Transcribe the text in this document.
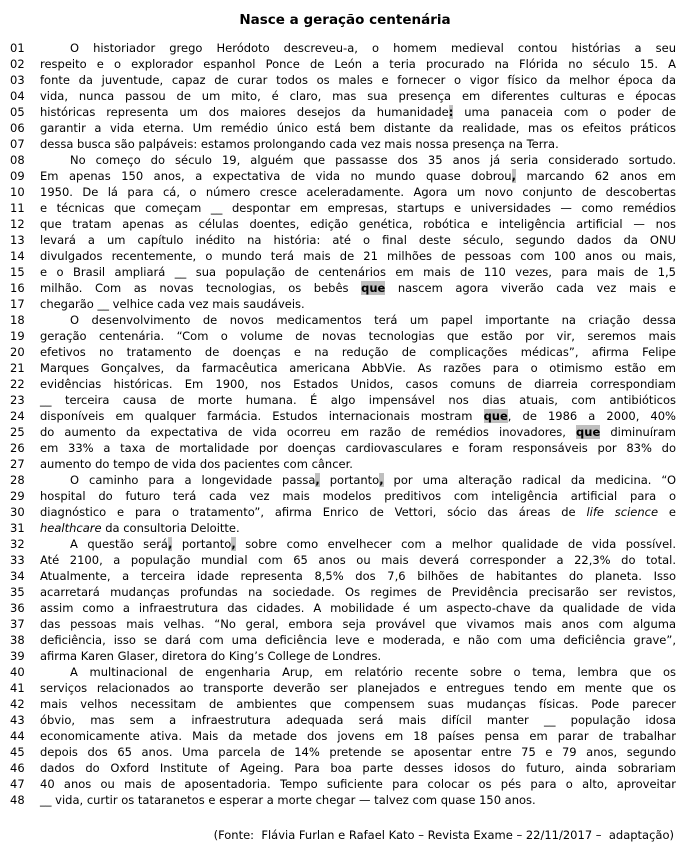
Nasce a geração centenária
01	O historiador grego Heródoto descreveu-a, o homem medieval contou histórias a seu
02	respeito e o explorador espanhol Ponce de León a teria procurado na Flórida no século 15. A
03	fonte da juventude, capaz de curar todos os males e fornecer o vigor físico da melhor época da
04	vida, nunca passou de um mito, é claro, mas sua presença em diferentes culturas e épocas
05	históricas representa um dos maiores desejos da humanidade: uma panaceia com o poder de
06	garantir a vida eterna. Um remédio único está bem distante da realidade, mas os efeitos práticos
07	dessa busca são palpáveis: estamos prolongando cada vez mais nossa presença na Terra.
08	No começo do século 19, alguém que passasse dos 35 anos já seria considerado sortudo.
09	Em apenas 150 anos, a expectativa de vida no mundo quase dobrou, marcando 62 anos em
10	1950. De lá para cá, o número cresce aceleradamente. Agora um novo conjunto de descobertas
11	e técnicas que começam __ despontar em empresas, startups e universidades — como remédios
12	que tratam apenas as células doentes, edição genética, robótica e inteligência artificial — nos
13	levará a um capítulo inédito na história: até o final deste século, segundo dados da ONU
14	divulgados recentemente, o mundo terá mais de 21 milhões de pessoas com 100 anos ou mais,
15	e o Brasil ampliará __ sua população de centenários em mais de 110 vezes, para mais de 1,5
16	milhão. Com as novas tecnologias, os bebês que nascem agora viverão cada vez mais e
17	chegarão __ velhice cada vez mais saudáveis.
18	O desenvolvimento de novos medicamentos terá um papel importante na criação dessa
19	geração centenária. “Com o volume de novas tecnologias que estão por vir, seremos mais
20	efetivos no tratamento de doenças e na redução de complicações médicas”, afirma Felipe
21	Marques Gonçalves, da farmacêutica americana AbbVie. As razões para o otimismo estão em
22	evidências históricas. Em 1900, nos Estados Unidos, casos comuns de diarreia correspondiam
23	__ terceira causa de morte humana. É algo impensável nos dias atuais, com antibióticos
24	disponíveis em qualquer farmácia. Estudos internacionais mostram que, de 1986 a 2000, 40%
25	do aumento da expectativa de vida ocorreu em razão de remédios inovadores, que diminuíram
26	em 33% a taxa de mortalidade por doenças cardiovasculares e foram responsáveis por 83% do
27	aumento do tempo de vida dos pacientes com câncer.
28	O caminho para a longevidade passa, portanto, por uma alteração radical da medicina. “O
29	hospital do futuro terá cada vez mais modelos preditivos com inteligência artificial para o
30	diagnóstico e para o tratamento”, afirma Enrico de Vettori, sócio das áreas de life science e
31	healthcare da consultoria Deloitte.
32	A questão será, portanto, sobre como envelhecer com a melhor qualidade de vida possível.
33	Até 2100, a população mundial com 65 anos ou mais deverá corresponder a 22,3% do total.
34	Atualmente, a terceira idade representa 8,5% dos 7,6 bilhões de habitantes do planeta. Isso
35	acarretará mudanças profundas na sociedade. Os regimes de Previdência precisarão ser revistos,
36	assim como a infraestrutura das cidades. A mobilidade é um aspecto-chave da qualidade de vida
37	das pessoas mais velhas. “No geral, embora seja provável que vivamos mais anos com alguma
38	deficiência, isso se dará com uma deficiência leve e moderada, e não com uma deficiência grave”,
39	afirma Karen Glaser, diretora do King’s College de Londres.
40	A multinacional de engenharia Arup, em relatório recente sobre o tema, lembra que os
41	serviços relacionados ao transporte deverão ser planejados e entregues tendo em mente que os
42	mais velhos necessitam de ambientes que compensem suas mudanças físicas. Pode parecer
43	óbvio, mas sem a infraestrutura adequada será mais difícil manter __ população idosa
44	economicamente ativa. Mais da metade dos jovens em 18 países pensa em parar de trabalhar
45	depois dos 65 anos. Uma parcela de 14% pretende se aposentar entre 75 e 79 anos, segundo
46	dados do Oxford Institute of Ageing. Para boa parte desses idosos do futuro, ainda sobrariam
47	40 anos ou mais de aposentadoria. Tempo suficiente para colocar os pés para o alto, aproveitar
48	__ vida, curtir os tataranetos e esperar a morte chegar — talvez com quase 150 anos.
(Fonte:  Flávia Furlan e Rafael Kato – Revista Exame – 22/11/2017 –  adaptação)
